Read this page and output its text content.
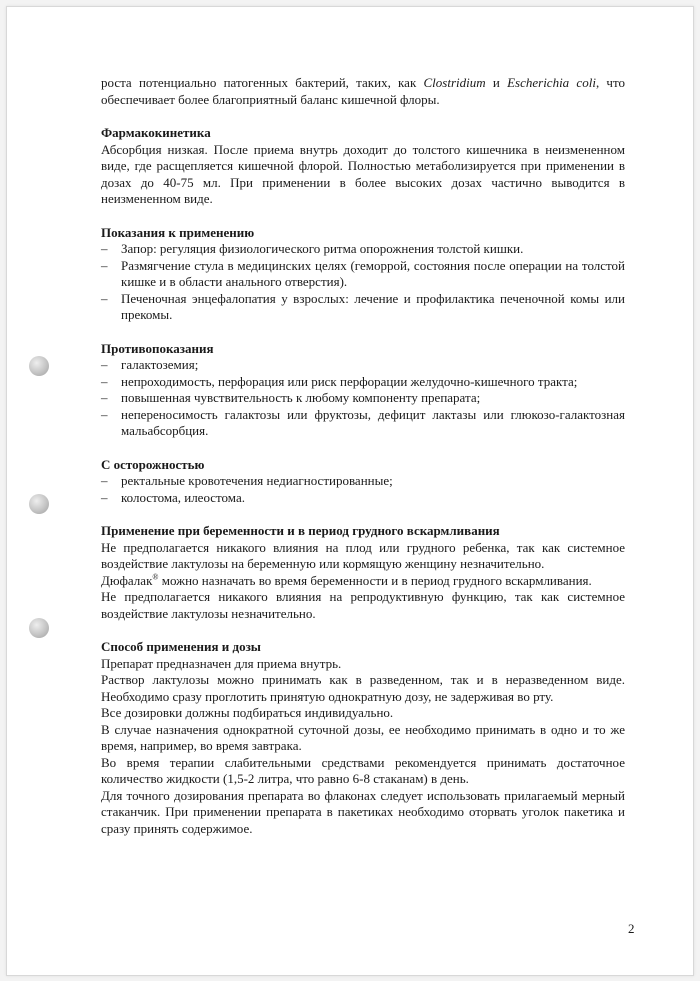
роста потенциально патогенных бактерий, таких, как Clostridium и Escherichia coli, что обеспечивает более благоприятный баланс кишечной флоры.

Фармакокинетика

Абсорбция низкая. После приема внутрь доходит до толстого кишечника в неизмененном виде, где расщепляется кишечной флорой. Полностью метаболизируется при применении в дозах до 40-75 мл. При применении в более высоких дозах частично выводится в неизмененном виде.

Показания к применению

– Запор: регуляция физиологического ритма опорожнения толстой кишки.
– Размягчение стула в медицинских целях (геморрой, состояния после операции на толстой кишке и в области анального отверстия).
– Печеночная энцефалопатия у взрослых: лечение и профилактика печеночной комы или прекомы.

Противопоказания

– галактоземия;
– непроходимость, перфорация или риск перфорации желудочно-кишечного тракта;
– повышенная чувствительность к любому компоненту препарата;
– непереносимость галактозы или фруктозы, дефицит лактазы или глюкозо-галактозная мальабсорбция.

С осторожностью

– ректальные кровотечения недиагностированные;
– колостома, илеостома.

Применение при беременности и в период грудного вскармливания

Не предполагается никакого влияния на плод или грудного ребенка, так как системное воздействие лактулозы на беременную или кормящую женщину незначительно.

Дюфалак® можно назначать во время беременности и в период грудного вскармливания.

Не предполагается никакого влияния на репродуктивную функцию, так как системное воздействие лактулозы незначительно.

Способ применения и дозы

Препарат предназначен для приема внутрь.

Раствор лактулозы можно принимать как в разведенном, так и в неразведенном виде. Необходимо сразу проглотить принятую однократную дозу, не задерживая во рту.

Все дозировки должны подбираться индивидуально.

В случае назначения однократной суточной дозы, ее необходимо принимать в одно и то же время, например, во время завтрака.

Во время терапии слабительными средствами рекомендуется принимать достаточное количество жидкости (1,5-2 литра, что равно 6-8 стаканам) в день.

Для точного дозирования препарата во флаконах следует использовать прилагаемый мерный стаканчик. При применении препарата в пакетиках необходимо оторвать уголок пакетика и сразу принять содержимое.

2
